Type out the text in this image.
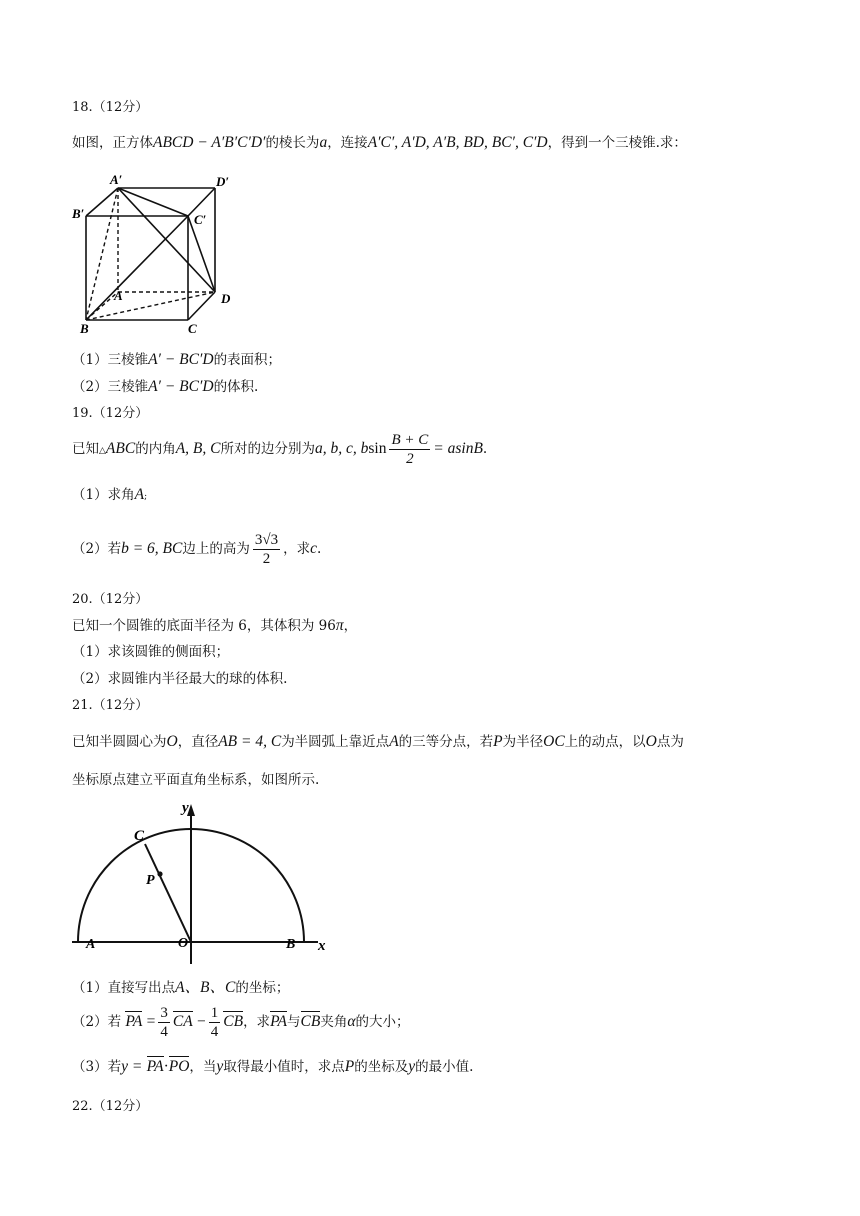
18.（12分）
如图，正方体ABCD − A′B′C′D′的棱长为a，连接A′C′, A′D, A′B, BD, BC′, C′D，得到一个三棱锥.求：
A′	D′
B′	C′
A
B	C
D
（1）三棱锥A′ − BC′D的表面积；
（2）三棱锥A′ − BC′D的体积.
19.（12分）
已知△ABC的内角A, B, C所对的边分别为a, b, c, bsin $\frac{B + C}{2} = asinB$.
（1）求角A;
（2）若b = 6, BC边上的高为 $\frac{3√3}{2}$ ，求c.
20.（12分）
已知一个圆锥的底面半径为 6，其体积为 96π，
（1）求该圆锥的侧面积；
（2）求圆锥内半径最大的球的体积.
21.（12分）
已知半圆圆心为O，直径AB = 4, C为半圆弧上靠近点A的三等分点，若P为半径OC上的动点，以O点为
坐标原点建立平面直角坐标系，如图所示.
y
x
C
P
A	O	B
（1）直接写出点A、B、C的坐标；
（2）若 PA = $\frac{3}{4}$ CA − $\frac{1}{4}$ CB，求PA与CB夹角α的大小；
（3）若y = PA·PO，当y取得最小值时，求点P的坐标及y的最小值.
22.（12分）
